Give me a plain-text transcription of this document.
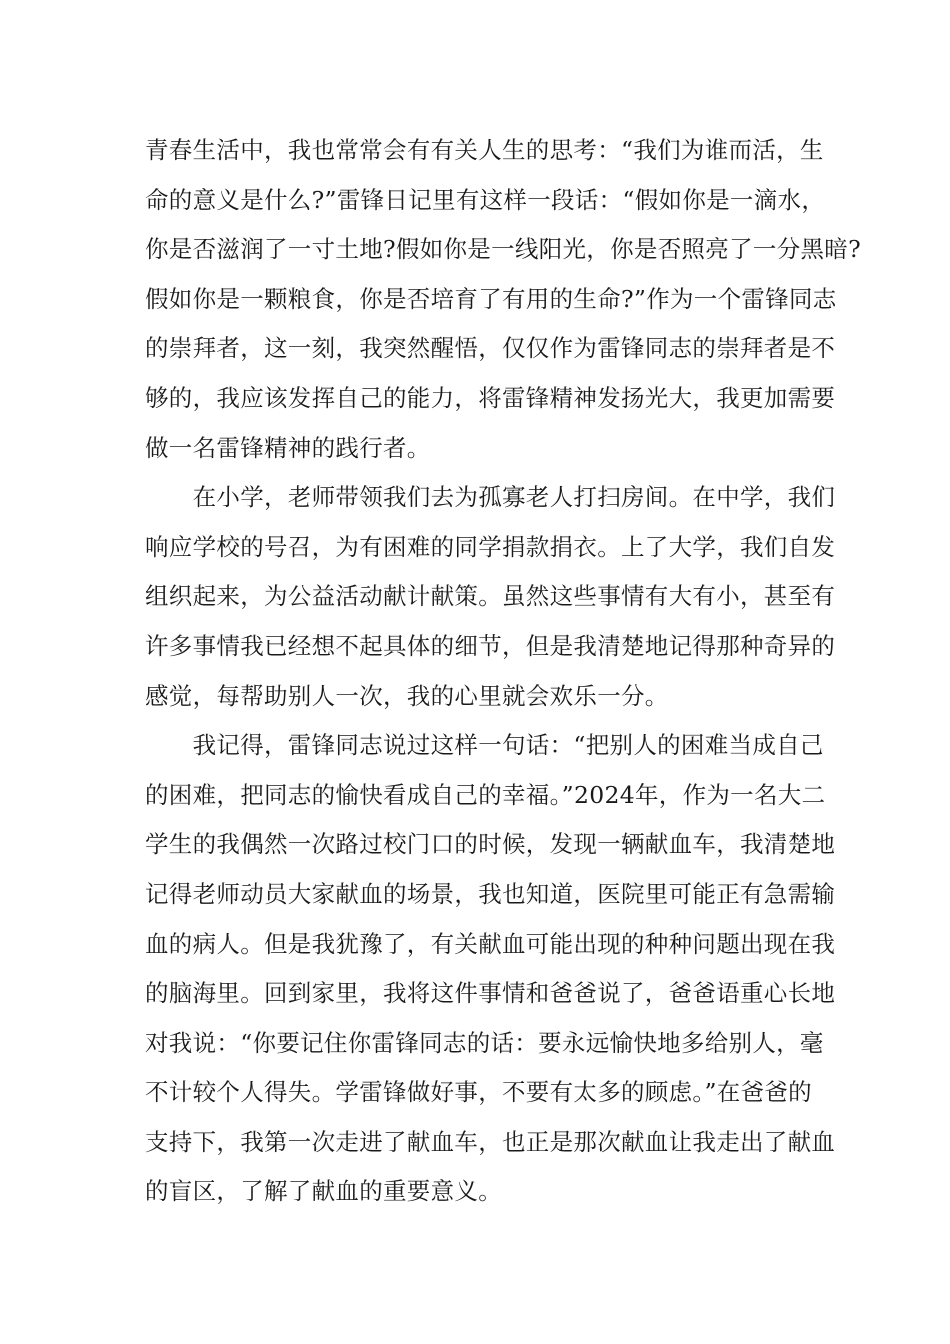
青春生活中，我也常常会有有关人生的思考：“我们为谁而活，生
命的意义是什么?”雷锋日记里有这样一段话：“假如你是一滴水，
你是否滋润了一寸土地?假如你是一线阳光，你是否照亮了一分黑暗?
假如你是一颗粮食，你是否培育了有用的生命?”作为一个雷锋同志
的崇拜者，这一刻，我突然醒悟，仅仅作为雷锋同志的崇拜者是不
够的，我应该发挥自己的能力，将雷锋精神发扬光大，我更加需要
做一名雷锋精神的践行者。
　　在小学，老师带领我们去为孤寡老人打扫房间。在中学，我们
响应学校的号召，为有困难的同学捐款捐衣。上了大学，我们自发
组织起来，为公益活动献计献策。虽然这些事情有大有小，甚至有
许多事情我已经想不起具体的细节，但是我清楚地记得那种奇异的
感觉，每帮助别人一次，我的心里就会欢乐一分。
　　我记得，雷锋同志说过这样一句话：“把别人的困难当成自己
的困难，把同志的愉快看成自己的幸福。”2024年，作为一名大二
学生的我偶然一次路过校门口的时候，发现一辆献血车，我清楚地
记得老师动员大家献血的场景，我也知道，医院里可能正有急需输
血的病人。但是我犹豫了，有关献血可能出现的种种问题出现在我
的脑海里。回到家里，我将这件事情和爸爸说了，爸爸语重心长地
对我说：“你要记住你雷锋同志的话：要永远愉快地多给别人，毫
不计较个人得失。学雷锋做好事，不要有太多的顾虑。”在爸爸的
支持下，我第一次走进了献血车，也正是那次献血让我走出了献血
的盲区，了解了献血的重要意义。
